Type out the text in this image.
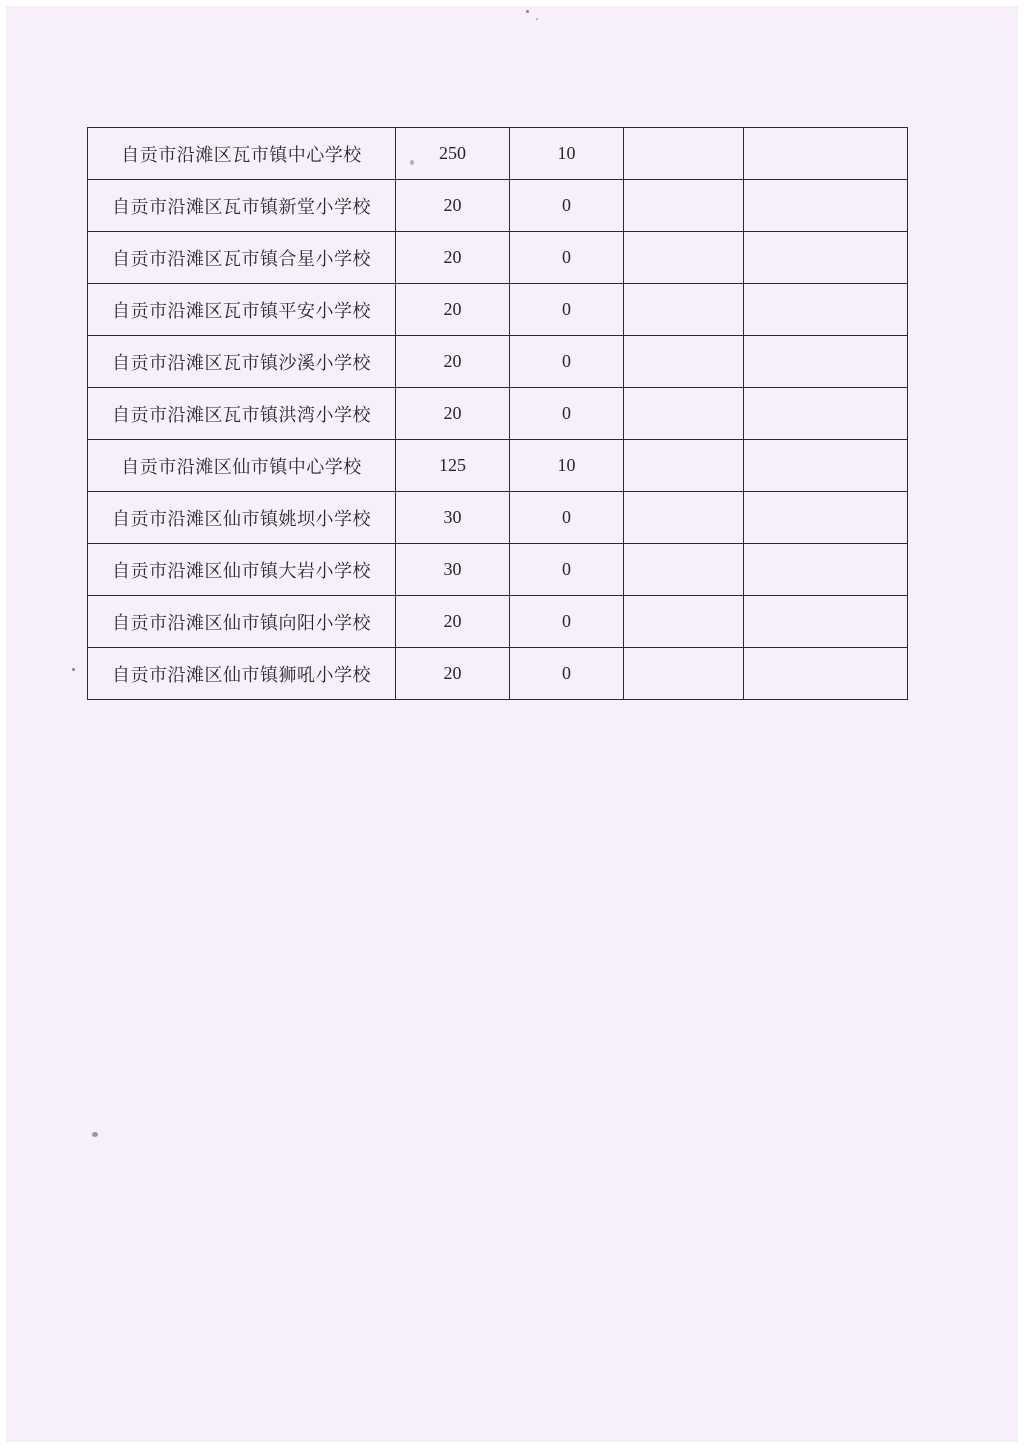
自贡市沿滩区瓦市镇中心学校	250	10		
自贡市沿滩区瓦市镇新堂小学校	20	0		
自贡市沿滩区瓦市镇合星小学校	20	0		
自贡市沿滩区瓦市镇平安小学校	20	0		
自贡市沿滩区瓦市镇沙溪小学校	20	0		
自贡市沿滩区瓦市镇洪湾小学校	20	0		
自贡市沿滩区仙市镇中心学校	125	10		
自贡市沿滩区仙市镇姚坝小学校	30	0		
自贡市沿滩区仙市镇大岩小学校	30	0		
自贡市沿滩区仙市镇向阳小学校	20	0		
自贡市沿滩区仙市镇狮吼小学校	20	0		
